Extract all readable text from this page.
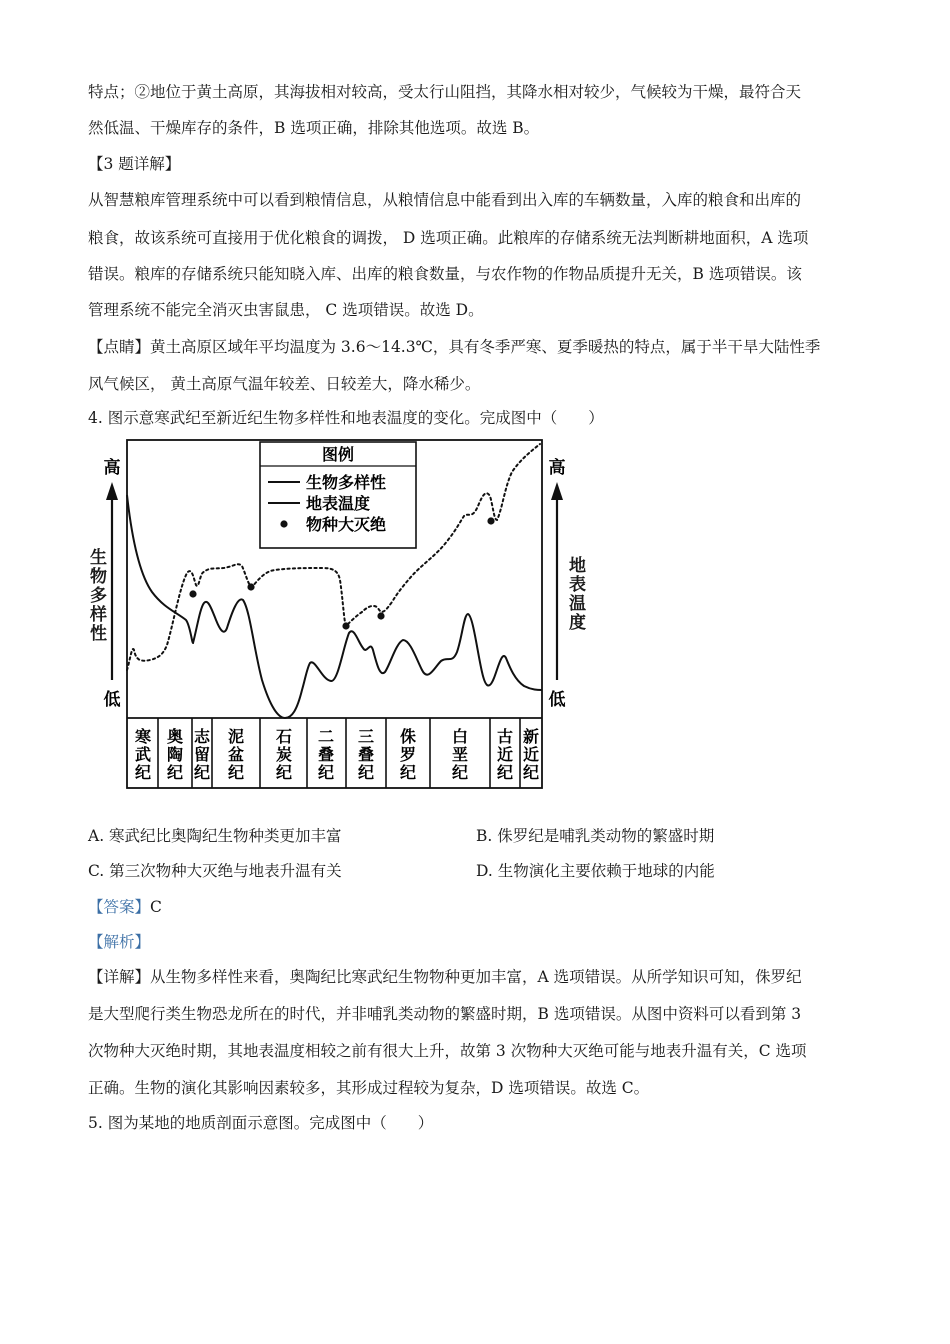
特点；②地位于黄土高原，其海拔相对较高，受太行山阻挡，其降水相对较少，气候较为干燥，最符合天
然低温、干燥库存的条件，B 选项正确，排除其他选项。故选 B。
【3 题详解】
从智慧粮库管理系统中可以看到粮情信息，从粮情信息中能看到出入库的车辆数量，入库的粮食和出库的
粮食，故该系统可直接用于优化粮食的调拨， D 选项正确。此粮库的存储系统无法判断耕地面积，A 选项
错误。粮库的存储系统只能知晓入库、出库的粮食数量，与农作物的作物品质提升无关，B 选项错误。该
管理系统不能完全消灭虫害鼠患， C 选项错误。故选 D。
【点睛】黄土高原区域年平均温度为 3.6～14.3℃，具有冬季严寒、夏季暖热的特点，属于半干旱大陆性季
风气候区， 黄土高原气温年较差、日较差大，降水稀少。
4. 图示意寒武纪至新近纪生物多样性和地表温度的变化。完成图中（　　）
生物多样性	地表温度
高
低
高
低
寒武纪
奥陶纪
志留纪
泥盆纪
石炭纪
二叠纪
三叠纪
侏罗纪
白垩纪
古近纪
新近纪
图例
生物多样性
地表温度
物种大灭绝
A. 寒武纪比奥陶纪生物种类更加丰富	B. 侏罗纪是哺乳类动物的繁盛时期
C. 第三次物种大灭绝与地表升温有关	D. 生物演化主要依赖于地球的内能
【答案】C
【解析】
【详解】从生物多样性来看，奥陶纪比寒武纪生物物种更加丰富，A 选项错误。从所学知识可知，侏罗纪
是大型爬行类生物恐龙所在的时代，并非哺乳类动物的繁盛时期，B 选项错误。从图中资料可以看到第 3
次物种大灭绝时期，其地表温度相较之前有很大上升，故第 3 次物种大灭绝可能与地表升温有关，C 选项
正确。生物的演化其影响因素较多，其形成过程较为复杂，D 选项错误。故选 C。
5. 图为某地的地质剖面示意图。完成图中（　　）
